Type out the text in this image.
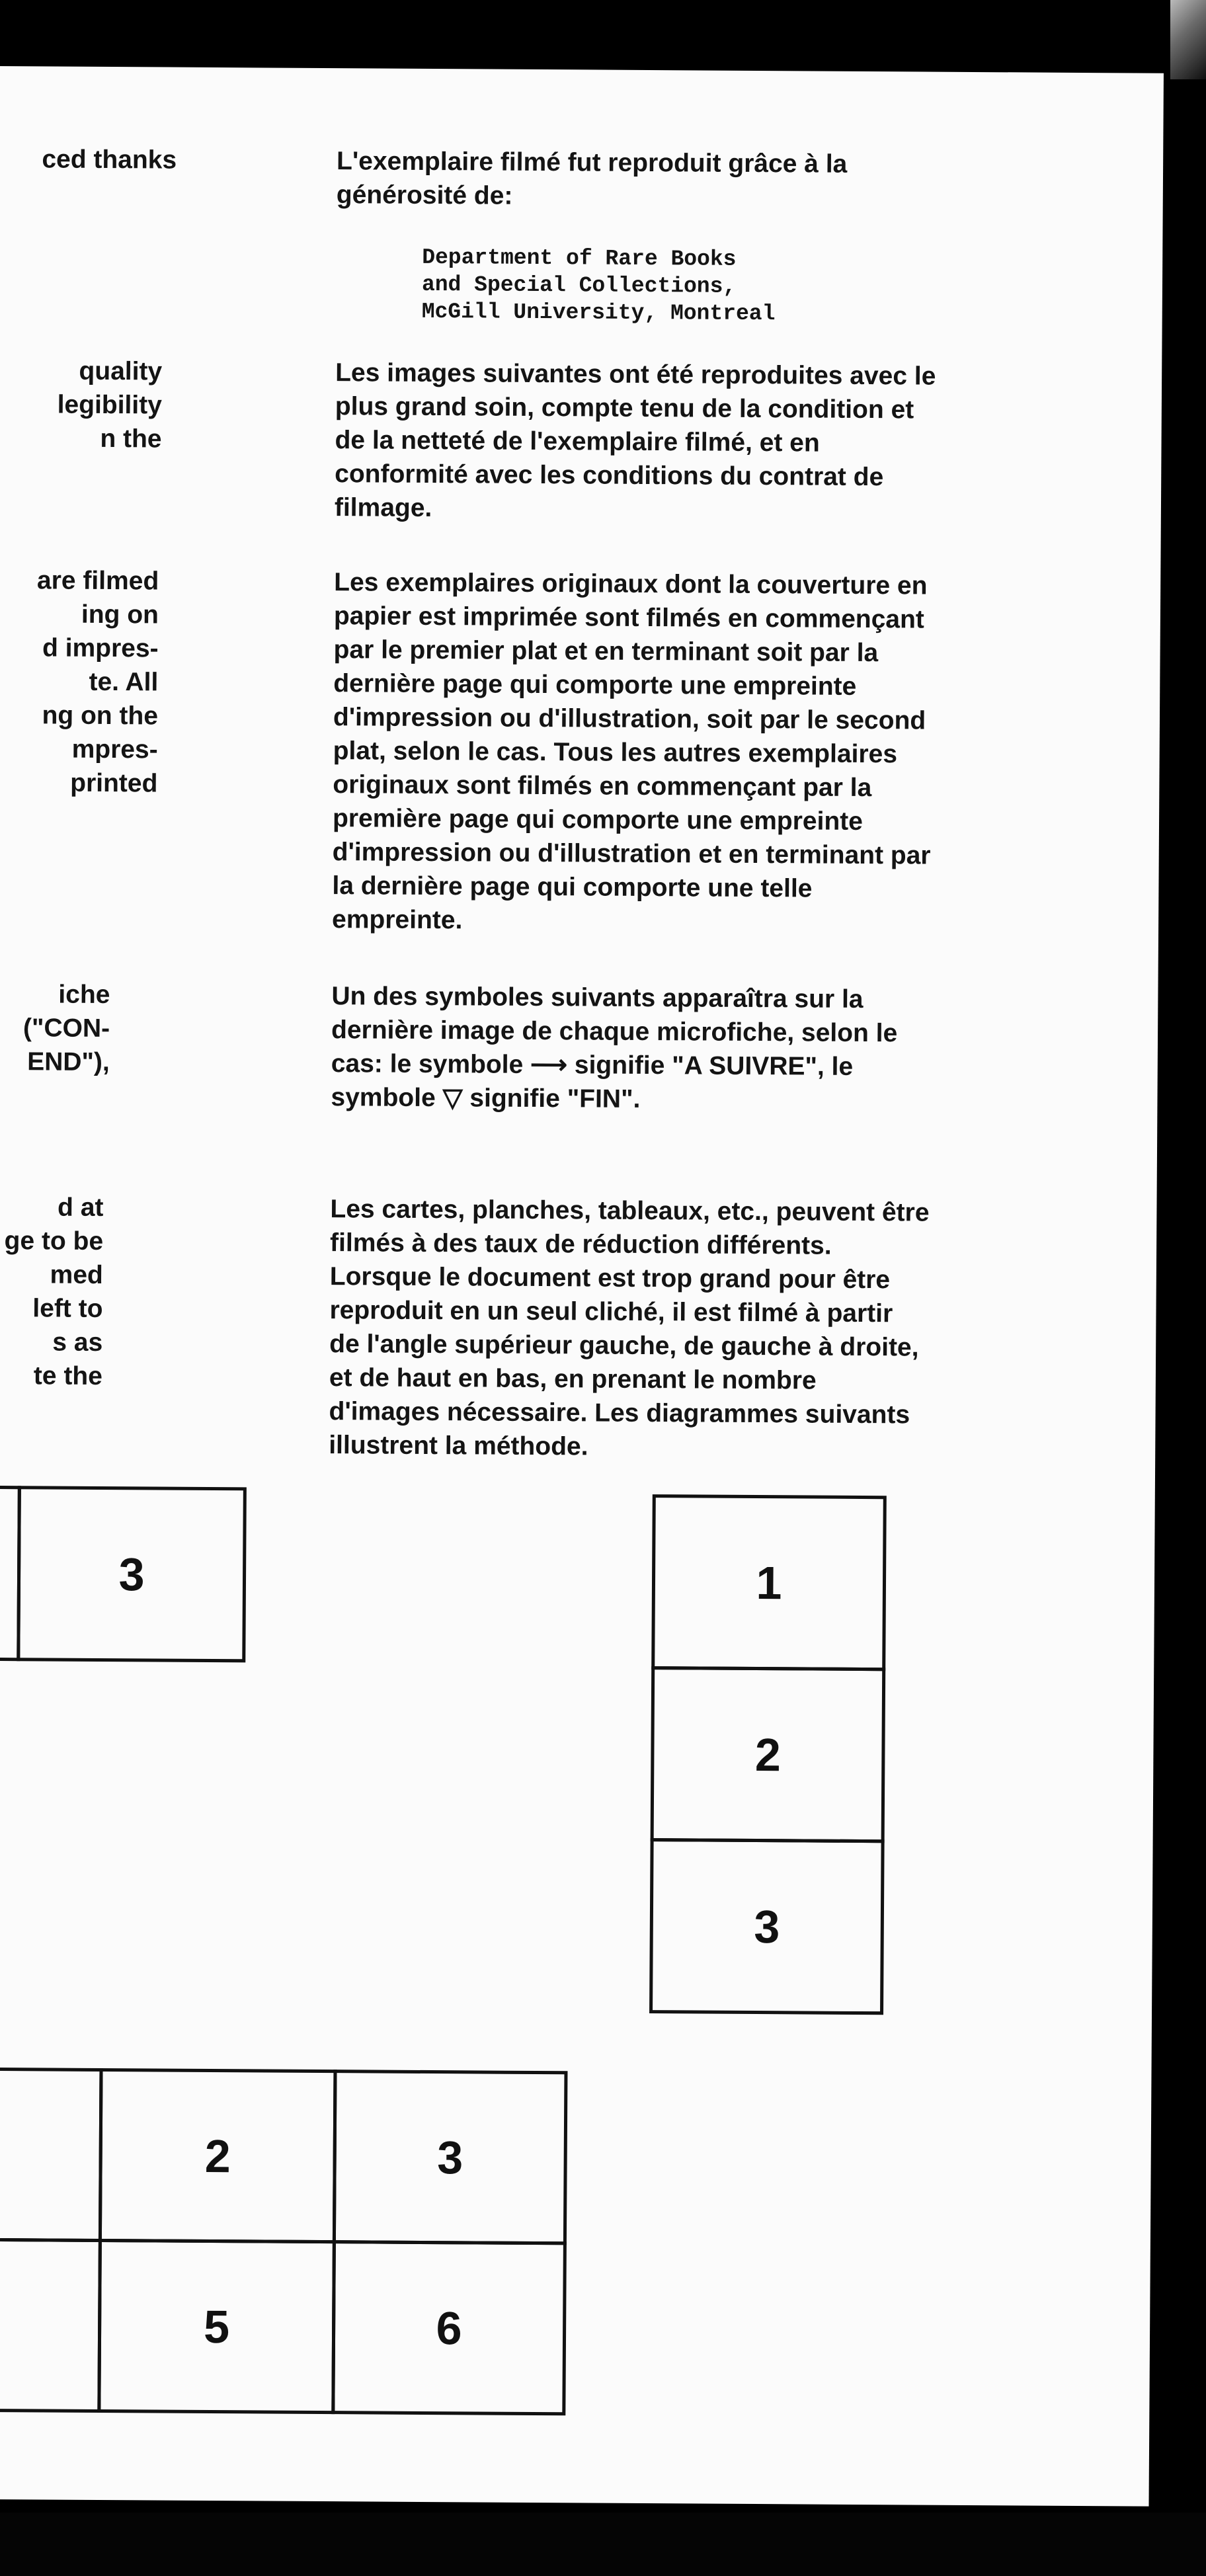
ced thanks
quality
legibility
n the
are filmed
ing on
d impres-
te. All
ng on the
mpres-
printed
iche
("CON-
END"),
d at
ge to be
med
left to
s as
te the
L'exemplaire filmé fut reproduit grâce à la
générosité de:
Department of Rare Books
and Special Collections,
McGill University, Montreal
Les images suivantes ont été reproduites avec le
plus grand soin, compte tenu de la condition et
de la netteté de l'exemplaire filmé, et en
conformité avec les conditions du contrat de
filmage.
Les exemplaires originaux dont la couverture en
papier est imprimée sont filmés en commençant
par le premier plat et en terminant soit par la
dernière page qui comporte une empreinte
d'impression ou d'illustration, soit par le second
plat, selon le cas. Tous les autres exemplaires
originaux sont filmés en commençant par la
première page qui comporte une empreinte
d'impression ou d'illustration et en terminant par
la dernière page qui comporte une telle
empreinte.
Un des symboles suivants apparaîtra sur la
dernière image de chaque microfiche, selon le
cas: le symbole ⟶ signifie "A SUIVRE", le
symbole ▽ signifie "FIN".
Les cartes, planches, tableaux, etc., peuvent être
filmés à des taux de réduction différents.
Lorsque le document est trop grand pour être
reproduit en un seul cliché, il est filmé à partir
de l'angle supérieur gauche, de gauche à droite,
et de haut en bas, en prenant le nombre
d'images nécessaire. Les diagrammes suivants
illustrent la méthode.
3	1
2
3
2	3
5	6
